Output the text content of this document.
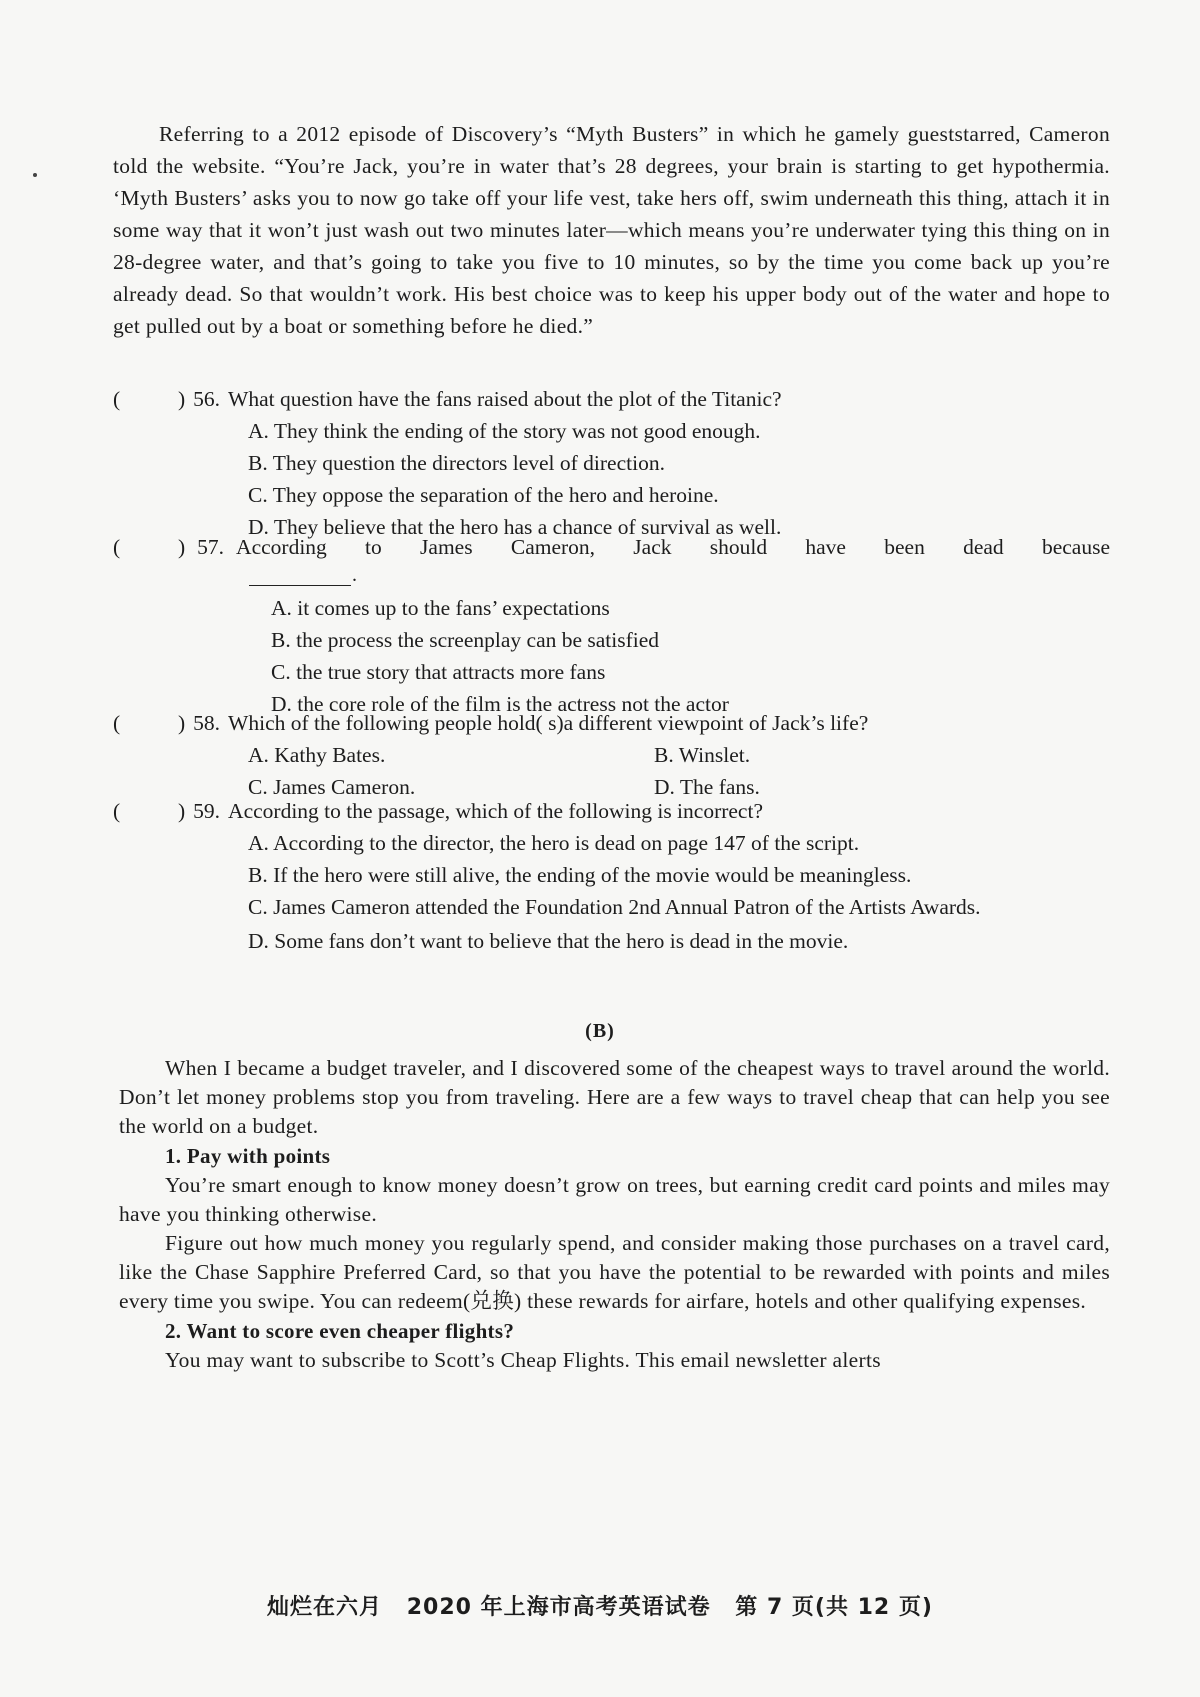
Referring to a 2012 episode of Discovery’s “Myth Busters” in which he gamely gueststarred, Cameron told the website. “You’re Jack, you’re in water that’s 28 degrees, your brain is starting to get hypothermia. ‘Myth Busters’ asks you to now go take off your life vest, take hers off, swim underneath this thing, attach it in some way that it won’t just wash out two minutes later—which means you’re underwater tying this thing on in 28-degree water, and that’s going to take you five to 10 minutes, so by the time you come back up you’re already dead. So that wouldn’t work. His best choice was to keep his upper body out of the water and hope to get pulled out by a boat or something before he died.”

(	) 56. What question have the fans raised about the plot of the Titanic?
A. They think the ending of the story was not good enough.
B. They question the directors level of direction.
C. They oppose the separation of the hero and heroine.
D. They believe that the hero has a chance of survival as well.
(	) 57. According to James Cameron, Jack should have been dead because
.
A. it comes up to the fans’ expectations
B. the process the screenplay can be satisfied
C. the true story that attracts more fans
D. the core role of the film is the actress not the actor
(	) 58. Which of the following people hold( s)a different viewpoint of Jack’s life?
A. Kathy Bates.	B. Winslet.
C. James Cameron.	D. The fans.
(	) 59. According to the passage, which of the following is incorrect?
A. According to the director, the hero is dead on page 147 of the script.
B. If the hero were still alive, the ending of the movie would be meaningless.
C. James Cameron attended the Foundation 2nd Annual Patron of the Artists Awards.
D. Some fans don’t want to believe that the hero is dead in the movie.
(B)

When I became a budget traveler, and I discovered some of the cheapest ways to travel around the world. Don’t let money problems stop you from traveling. Here are a few ways to travel cheap that can help you see the world on a budget.

1. Pay with points

You’re smart enough to know money doesn’t grow on trees, but earning credit card points and miles may have you thinking otherwise.

Figure out how much money you regularly spend, and consider making those purchases on a travel card, like the Chase Sapphire Preferred Card, so that you have the potential to be rewarded with points and miles every time you swipe. You can redeem(兑换) these rewards for airfare, hotels and other qualifying expenses.

2. Want to score even cheaper flights?

You may want to subscribe to Scott’s Cheap Flights. This email newsletter alerts

灿烂在六月 2020 年上海市高考英语试卷 第 7 页(共 12 页)
